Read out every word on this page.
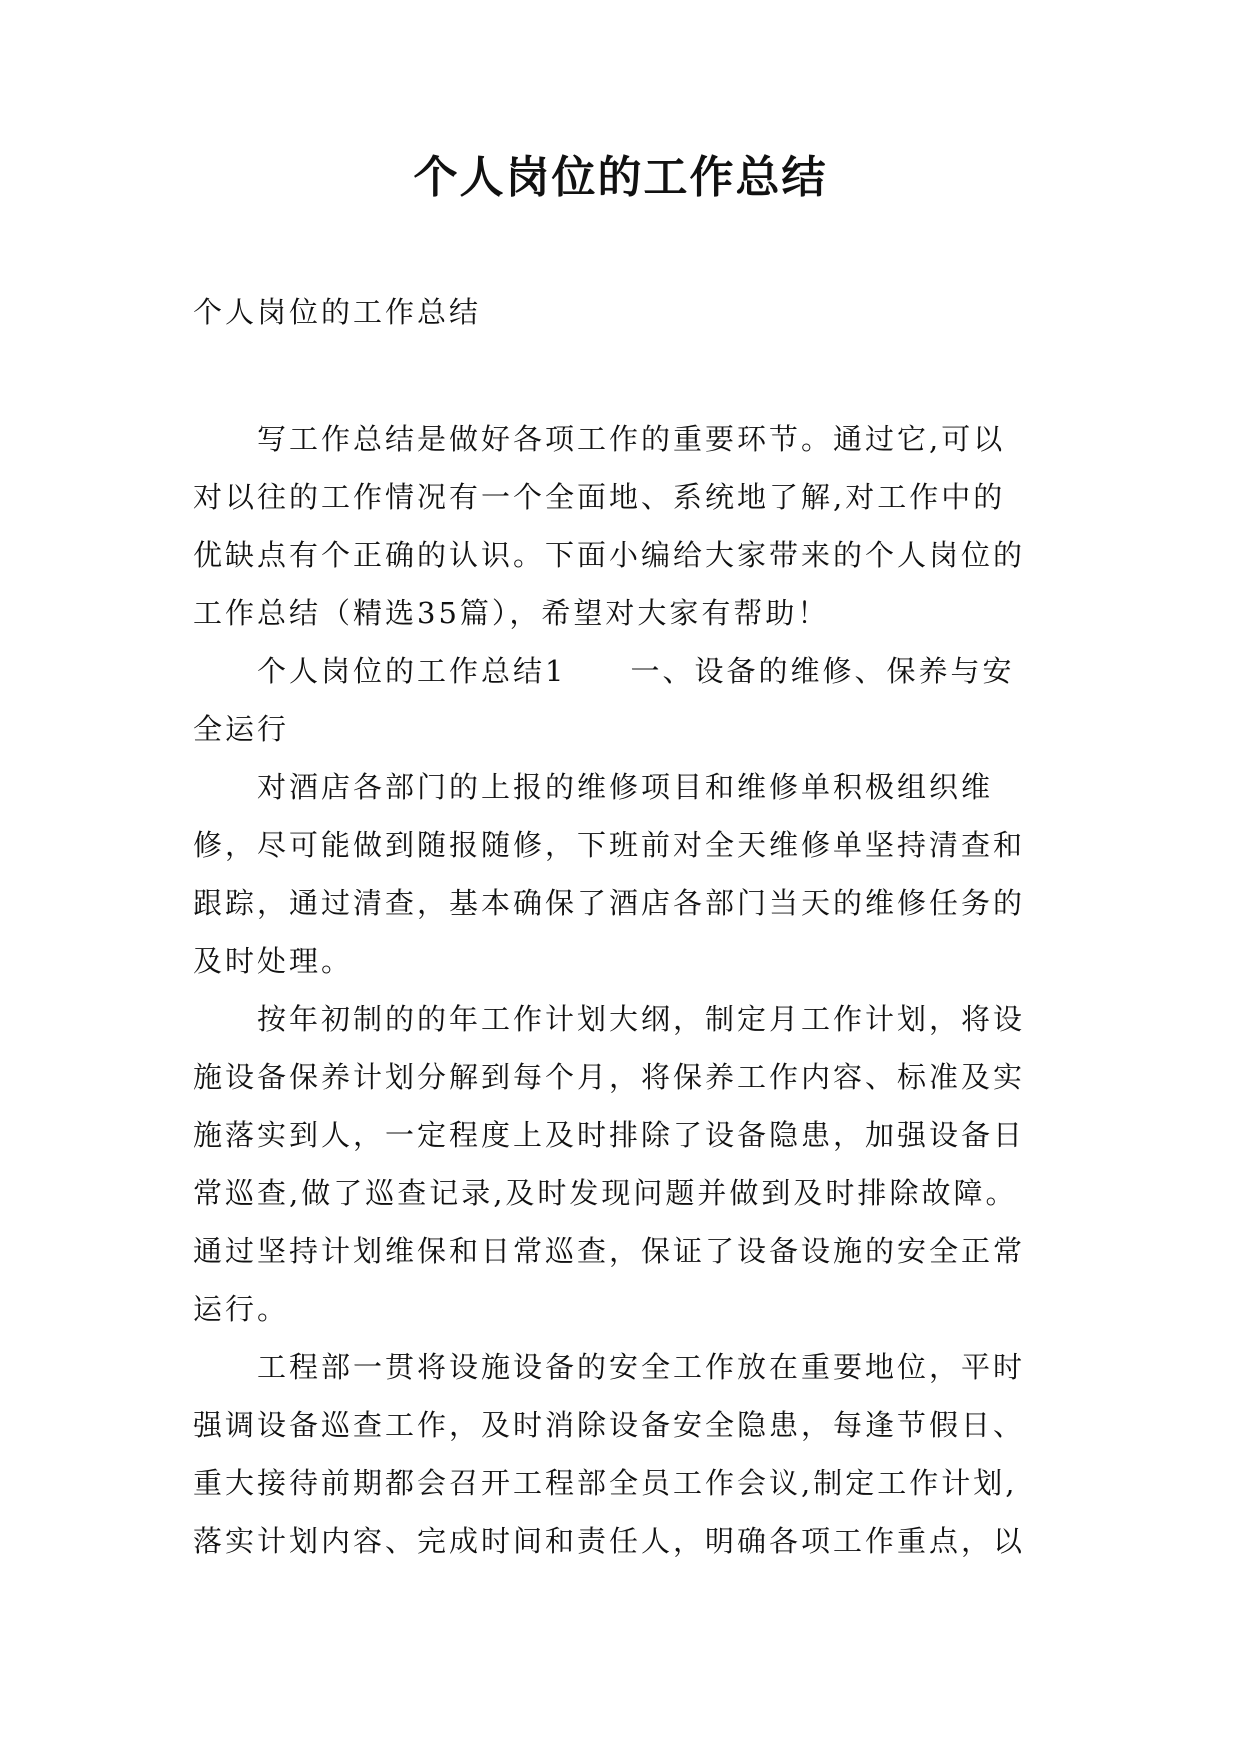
个人岗位的工作总结

个人岗位的工作总结

写工作总结是做好各项工作的重要环节。通过它,可以

对以往的工作情况有一个全面地、系统地了解,对工作中的

优缺点有个正确的认识。下面小编给大家带来的个人岗位的

工作总结（精选35篇），希望对大家有帮助！

个人岗位的工作总结1　　一、设备的维修、保养与安

全运行

对酒店各部门的上报的维修项目和维修单积极组织维

修，尽可能做到随报随修，下班前对全天维修单坚持清查和

跟踪，通过清查，基本确保了酒店各部门当天的维修任务的

及时处理。

按年初制的的年工作计划大纲，制定月工作计划，将设

施设备保养计划分解到每个月，将保养工作内容、标准及实

施落实到人，一定程度上及时排除了设备隐患，加强设备日

常巡查,做了巡查记录,及时发现问题并做到及时排除故障。

通过坚持计划维保和日常巡查，保证了设备设施的安全正常

运行。

工程部一贯将设施设备的安全工作放在重要地位，平时

强调设备巡查工作，及时消除设备安全隐患，每逢节假日、

重大接待前期都会召开工程部全员工作会议,制定工作计划,

落实计划内容、完成时间和责任人，明确各项工作重点，以
